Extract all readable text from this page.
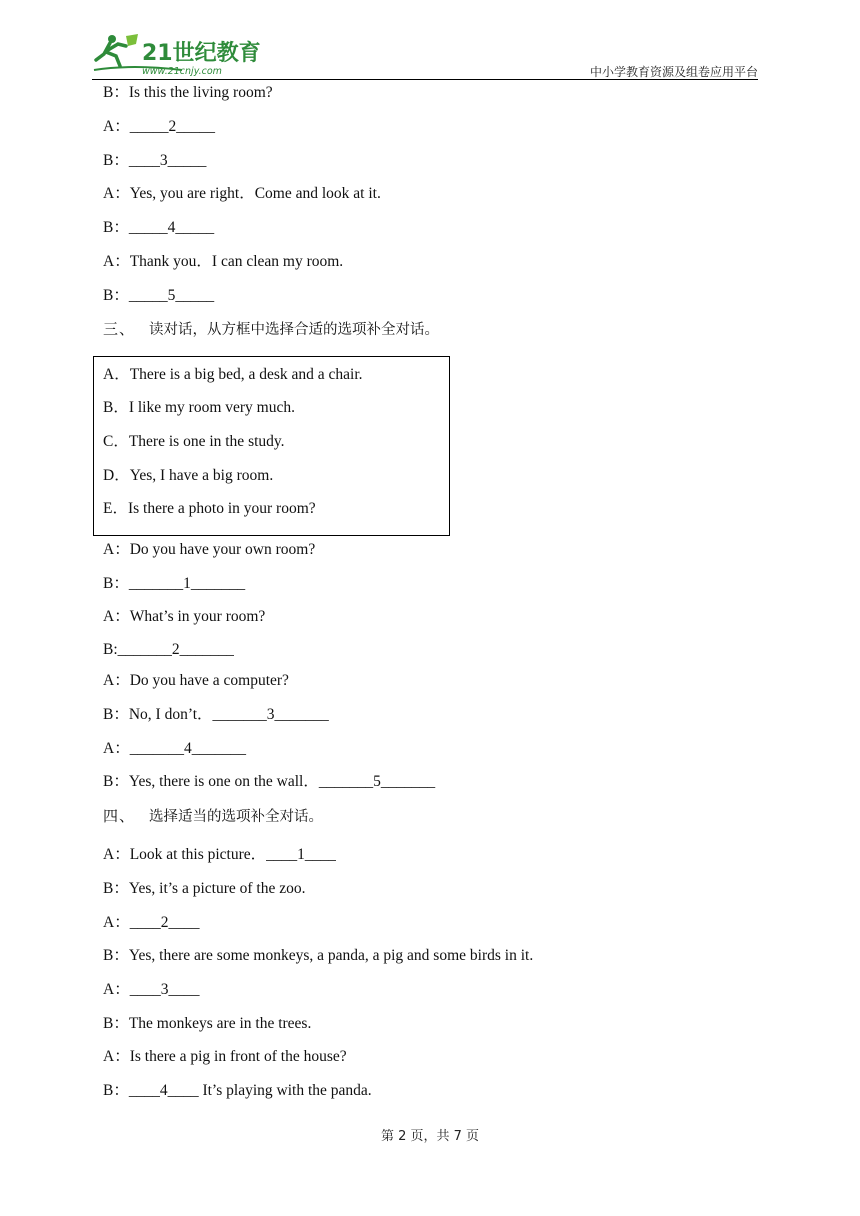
21世纪教育
www.21cnjy.com	中小学教育资源及组卷应用平台
B：Is this the living room?
A：_____2_____
B：____3_____
A：Yes, you are right．Come and look at it.
B：_____4_____
A：Thank you．I can clean my room.
B：_____5_____
三、 读对话，从方框中选择合适的选项补全对话。
A．There is a big bed, a desk and a chair.
B．I like my room very much.
C．There is one in the study.
D．Yes, I have a big room.
E．Is there a photo in your room?
A：Do you have your own room?
B：_______1_______
A：What’s in your room?
B:_______2_______
A：Do you have a computer?
B：No, I don’t．_______3_______
A：_______4_______
B：Yes, there is one on the wall．_______5_______
四、 选择适当的选项补全对话。
A：Look at this picture．____1____
B：Yes, it’s a picture of the zoo.
A：____2____
B：Yes, there are some monkeys, a panda, a pig and some birds in it.
A：____3____
B：The monkeys are in the trees.
A：Is there a pig in front of the house?
B：____4____ It’s playing with the panda.
第 2 页，共 7 页
